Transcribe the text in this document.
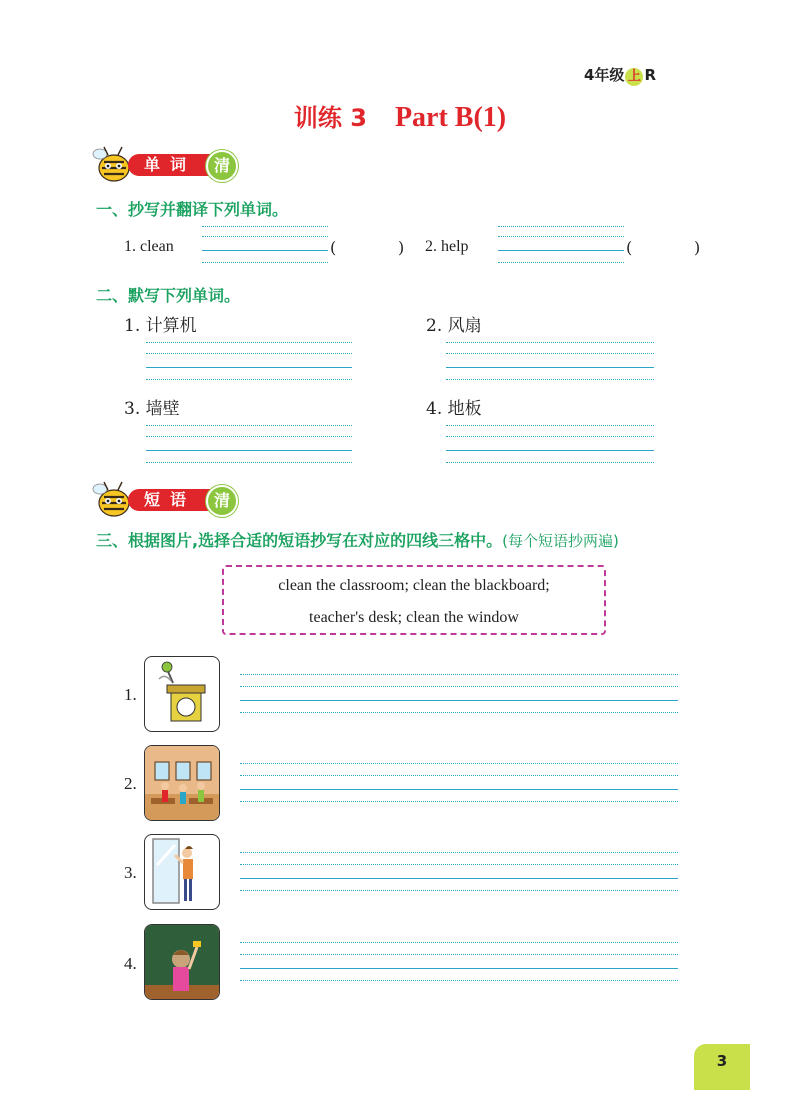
4年级 上 R
训练 3 Part B(1)
单词	清
一、抄写并翻译下列单词。
1. clean	(	) 2. help	(	)
二、默写下列单词。
1. 计算机	2. 风扇
3. 墙壁	4. 地板
短语	清
三、根据图片,选择合适的短语抄写在对应的四线三格中。(每个短语抄两遍)
clean the classroom; clean the blackboard;
teacher's desk; clean the window
1.
2.
3.
4.
3
